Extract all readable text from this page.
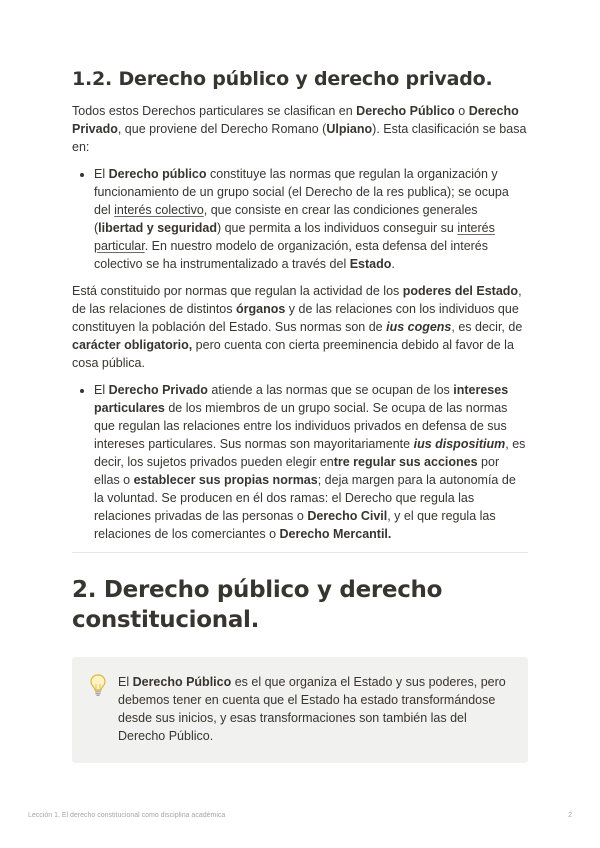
1.2. Derecho público y derecho privado.

Todos estos Derechos particulares se clasifican en Derecho Público o Derecho Privado, que proviene del Derecho Romano (Ulpiano). Esta clasificación se basa en:

• El Derecho público constituye las normas que regulan la organización y funcionamiento de un grupo social (el Derecho de la res publica); se ocupa del interés colectivo, que consiste en crear las condiciones generales (libertad y seguridad) que permita a los individuos conseguir su interés particular. En nuestro modelo de organización, esta defensa del interés colectivo se ha instrumentalizado a través del Estado.

Está constituido por normas que regulan la actividad de los poderes del Estado, de las relaciones de distintos órganos y de las relaciones con los individuos que constituyen la población del Estado. Sus normas son de ius cogens, es decir, de carácter obligatorio, pero cuenta con cierta preeminencia debido al favor de la cosa pública.

• El Derecho Privado atiende a las normas que se ocupan de los intereses particulares de los miembros de un grupo social. Se ocupa de las normas que regulan las relaciones entre los individuos privados en defensa de sus intereses particulares. Sus normas son mayoritariamente ius dispositium, es decir, los sujetos privados pueden elegir entre regular sus acciones por ellas o establecer sus propias normas; deja margen para la autonomía de la voluntad. Se producen en él dos ramas: el Derecho que regula las relaciones privadas de las personas o Derecho Civil, y el que regula las relaciones de los comerciantes o Derecho Mercantil.
2. Derecho público y derecho constitucional.

El Derecho Público es el que organiza el Estado y sus poderes, pero debemos tener en cuenta que el Estado ha estado transformándose desde sus inicios, y esas transformaciones son también las del Derecho Público.

Lección 1. El derecho constitucional como disciplina académica	2
